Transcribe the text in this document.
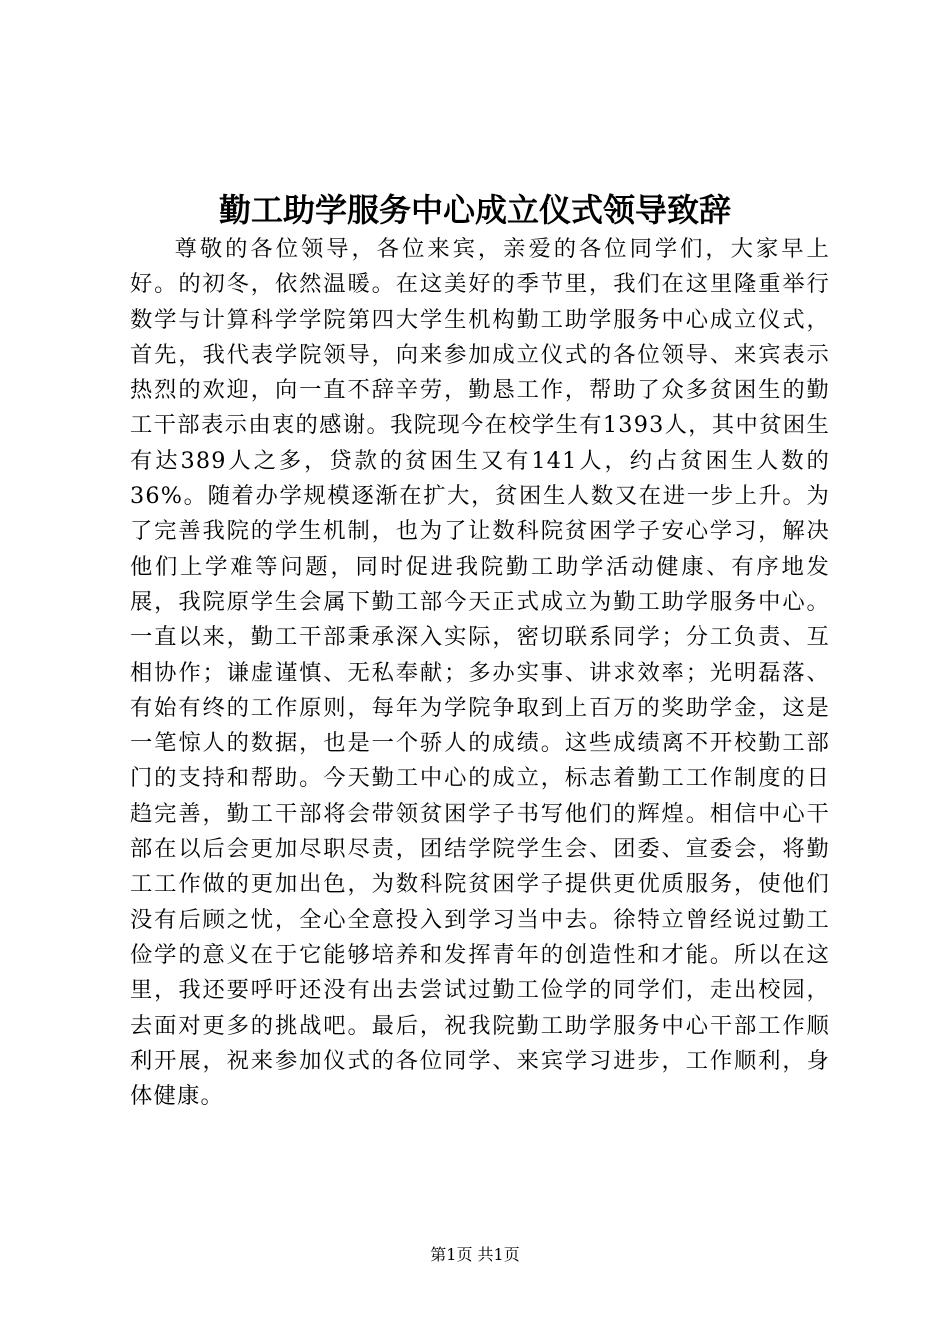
勤工助学服务中心成立仪式领导致辞

尊敬的各位领导，各位来宾，亲爱的各位同学们，大家早上好。的初冬，依然温暖。在这美好的季节里，我们在这里隆重举行数学与计算科学学院第四大学生机构勤工助学服务中心成立仪式，首先，我代表学院领导，向来参加成立仪式的各位领导、来宾表示热烈的欢迎，向一直不辞辛劳，勤恳工作，帮助了众多贫困生的勤工干部表示由衷的感谢。我院现今在校学生有1393人，其中贫困生有达389人之多，贷款的贫困生又有141人，约占贫困生人数的36%。随着办学规模逐渐在扩大，贫困生人数又在进一步上升。为了完善我院的学生机制，也为了让数科院贫困学子安心学习，解决他们上学难等问题，同时促进我院勤工助学活动健康、有序地发展，我院原学生会属下勤工部今天正式成立为勤工助学服务中心。一直以来，勤工干部秉承深入实际，密切联系同学；分工负责、互相协作；谦虚谨慎、无私奉献；多办实事、讲求效率；光明磊落、有始有终的工作原则，每年为学院争取到上百万的奖助学金，这是一笔惊人的数据，也是一个骄人的成绩。这些成绩离不开校勤工部门的支持和帮助。今天勤工中心的成立，标志着勤工工作制度的日趋完善，勤工干部将会带领贫困学子书写他们的辉煌。相信中心干部在以后会更加尽职尽责，团结学院学生会、团委、宣委会，将勤工工作做的更加出色，为数科院贫困学子提供更优质服务，使他们没有后顾之忧，全心全意投入到学习当中去。徐特立曾经说过勤工俭学的意义在于它能够培养和发挥青年的创造性和才能。所以在这里，我还要呼吁还没有出去尝试过勤工俭学的同学们，走出校园，去面对更多的挑战吧。最后，祝我院勤工助学服务中心干部工作顺利开展，祝来参加仪式的各位同学、来宾学习进步，工作顺利，身体健康。

第1页 共1页
